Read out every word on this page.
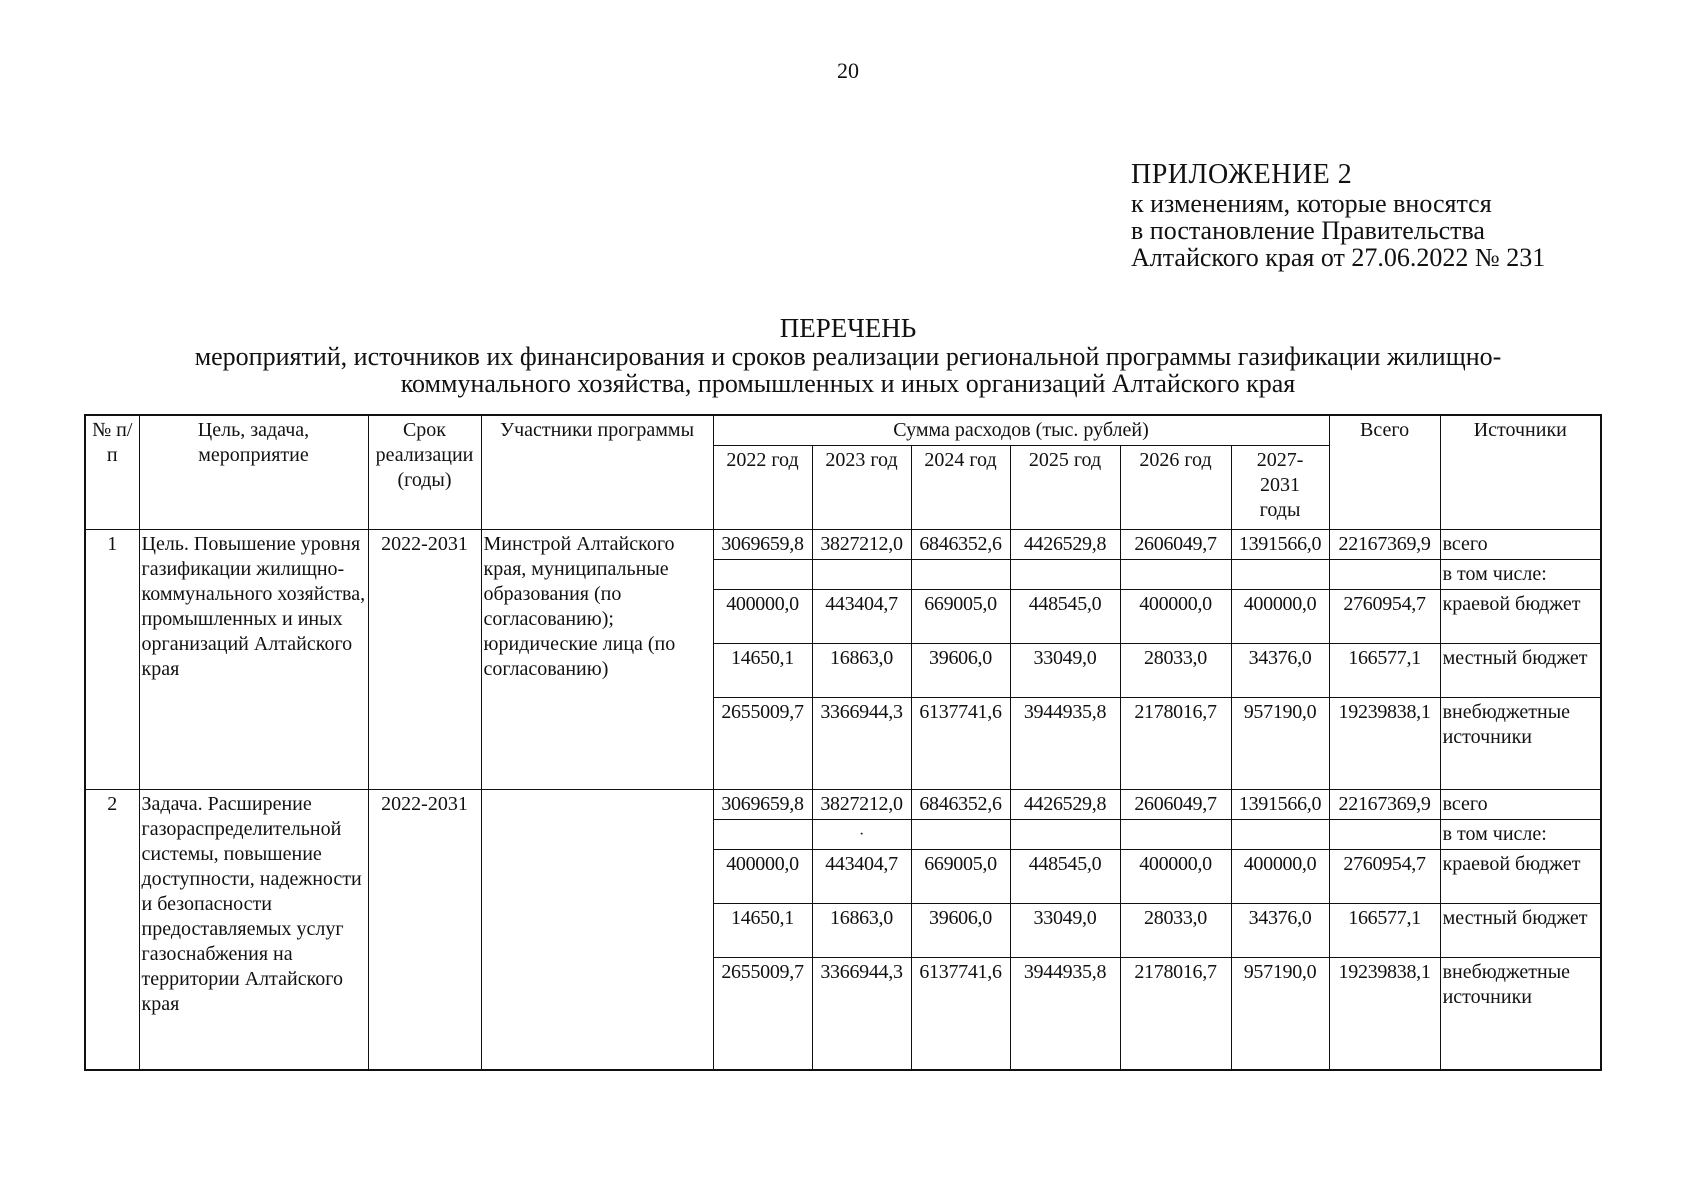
20
ПРИЛОЖЕНИЕ 2
к изменениям, которые вносятся
в постановление Правительства
Алтайского края от 27.06.2022 № 231
ПЕРЕЧЕНЬ
мероприятий, источников их финансирования и сроков реализации региональной программы газификации жилищно-
коммунального хозяйства, промышленных и иных организаций Алтайского края
№ п/п	Цель, задача, мероприятие	Срок реализации (годы)	Участники программы	Сумма расходов (тыс. рублей)						Всего	Источники
				2022 год	2023 год	2024 год	2025 год	2026 год	2027-2031 годы		
1	Цель. Повышение уровня газификации жилищно-коммунального хозяйства, промышленных и иных организаций Алтайского края	2022-2031	Минстрой Алтайского края, муниципальные образования (по согласованию); юридические лица (по согласованию)	3069659,8	3827212,0	6846352,6	4426529,8	2606049,7	1391566,0	22167369,9	всего
											в том числе:
				400000,0	443404,7	669005,0	448545,0	400000,0	400000,0	2760954,7	краевой бюджет
				14650,1	16863,0	39606,0	33049,0	28033,0	34376,0	166577,1	местный бюджет
				2655009,7	3366944,3	6137741,6	3944935,8	2178016,7	957190,0	19239838,1	внебюджетные источники
2	Задача. Расширение газораспределительной системы, повышение доступности, надежности и безопасности предоставляемых услуг газоснабжения на территории Алтайского края	2022-2031		3069659,8	3827212,0	6846352,6	4426529,8	2606049,7	1391566,0	22167369,9	всего
					·						в том числе:
				400000,0	443404,7	669005,0	448545,0	400000,0	400000,0	2760954,7	краевой бюджет
				14650,1	16863,0	39606,0	33049,0	28033,0	34376,0	166577,1	местный бюджет
				2655009,7	3366944,3	6137741,6	3944935,8	2178016,7	957190,0	19239838,1	внебюджетные источники
